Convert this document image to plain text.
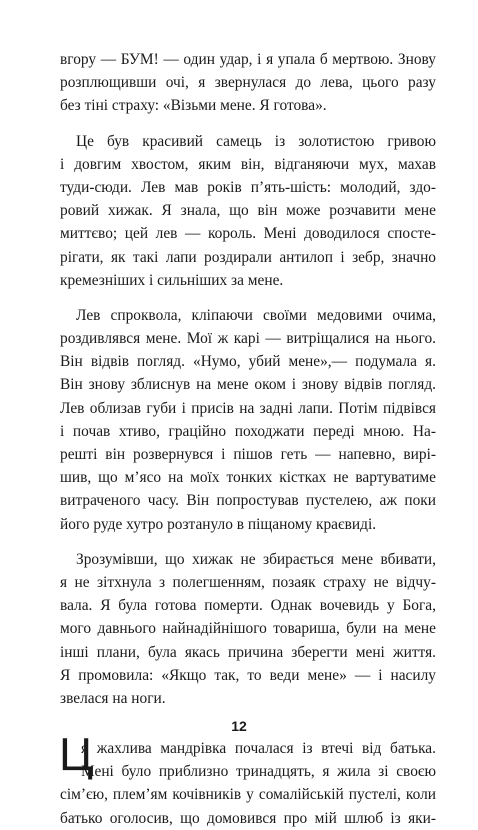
вгору — БУМ! — один удар, і я упала б мертвою. Знову
розплющивши очі, я звернулася до лева, цього разу
без тіні страху: «Візьми мене. Я готова».
Це був красивий самець із золотистою гривою
і довгим хвостом, яким він, відганяючи мух, махав
туди-сюди. Лев мав років п’ять-шість: молодий, здо-
ровий хижак. Я знала, що він може розчавити мене
миттєво; цей лев — король. Мені доводилося спосте-
рігати, як такі лапи роздирали антилоп і зебр, значно
кремезніших і сильніших за мене.
Лев спроквола, кліпаючи своїми медовими очима,
роздивлявся мене. Мої ж карі — витріщалися на нього.
Він відвів погляд. «Нумо, убий мене»,— подумала я.
Він знову зблиснув на мене оком і знову відвів погляд.
Лев облизав губи і присів на задні лапи. Потім підвівся
і почав хтиво, граційно походжати переді мною. На-
решті він розвернувся і пішов геть — напевно, вирі-
шив, що м’ясо на моїх тонких кістках не вартуватиме
витраченого часу. Він попростував пустелею, аж поки
його руде хутро розтануло в піщаному краєвиді.
Зрозумівши, що хижак не збирається мене вбивати,
я не зітхнула з полегшенням, позаяк страху не відчу-
вала. Я була готова померти. Однак вочевидь у Бога,
мого давнього найнадійнішого товариша, були на мене
інші плани, була якась причина зберегти мені життя.
Я промовила: «Якщо так, то веди мене» — і насилу
звелася на ноги.
Ц
я жахлива мандрівка почалася із втечі від батька.
Мені було приблизно тринадцять, я жила зі своєю
сім’єю, плем’ям кочівників у сомалійській пустелі, коли
батько оголосив, що домовився про мій шлюб із яки-
12
